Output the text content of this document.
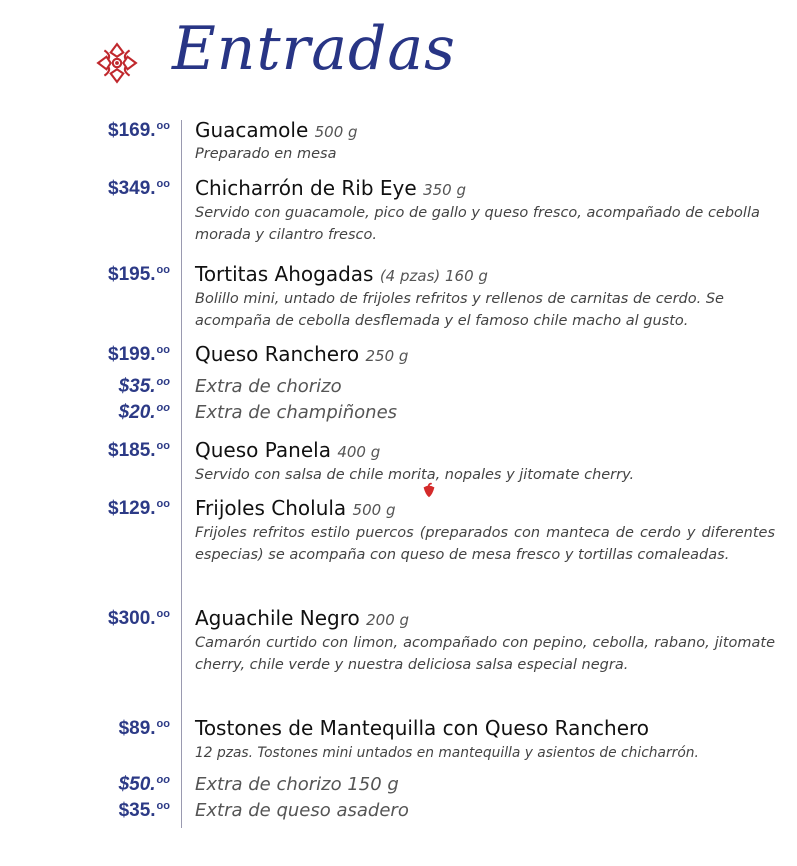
Entradas
$169.$^{oo}$ Guacamole 500 g
Preparado en mesa
$349.$^{oo}$ Chicharrón de Rib Eye 350 g
Servido con guacamole, pico de gallo y queso fresco, acompañado de cebolla morada y cilantro fresco.
$195.$^{oo}$ Tortitas Ahogadas (4 pzas) 160 g
Bolillo mini, untado de frijoles refritos y rellenos de carnitas de cerdo. Se acompaña de cebolla desflemada y el famoso chile macho al gusto.
$199.$^{oo}$ Queso Ranchero 250 g
$35.$^{oo}$ Extra de chorizo
$20.$^{oo}$ Extra de champiñones
$185.$^{oo}$ Queso Panela 400 g
Servido con salsa de chile morita, nopales y jitomate cherry.
$129.$^{oo}$ Frijoles Cholula 500 g
Frijoles refritos estilo puercos (preparados con manteca de cerdo y diferentes especias) se acompaña con queso de mesa fresco y tortillas comaleadas.
$300.$^{oo}$ Aguachile Negro 200 g
Camarón curtido con limon, acompañado con pepino, cebolla, rabano, jitomate cherry, chile verde y nuestra deliciosa salsa especial negra.
$89.$^{oo}$ Tostones de Mantequilla con Queso Ranchero
12 pzas. Tostones mini untados en mantequilla y asientos de chicharrón.
$50.$^{oo}$ Extra de chorizo 150 g
$35.$^{oo}$ Extra de queso asadero
